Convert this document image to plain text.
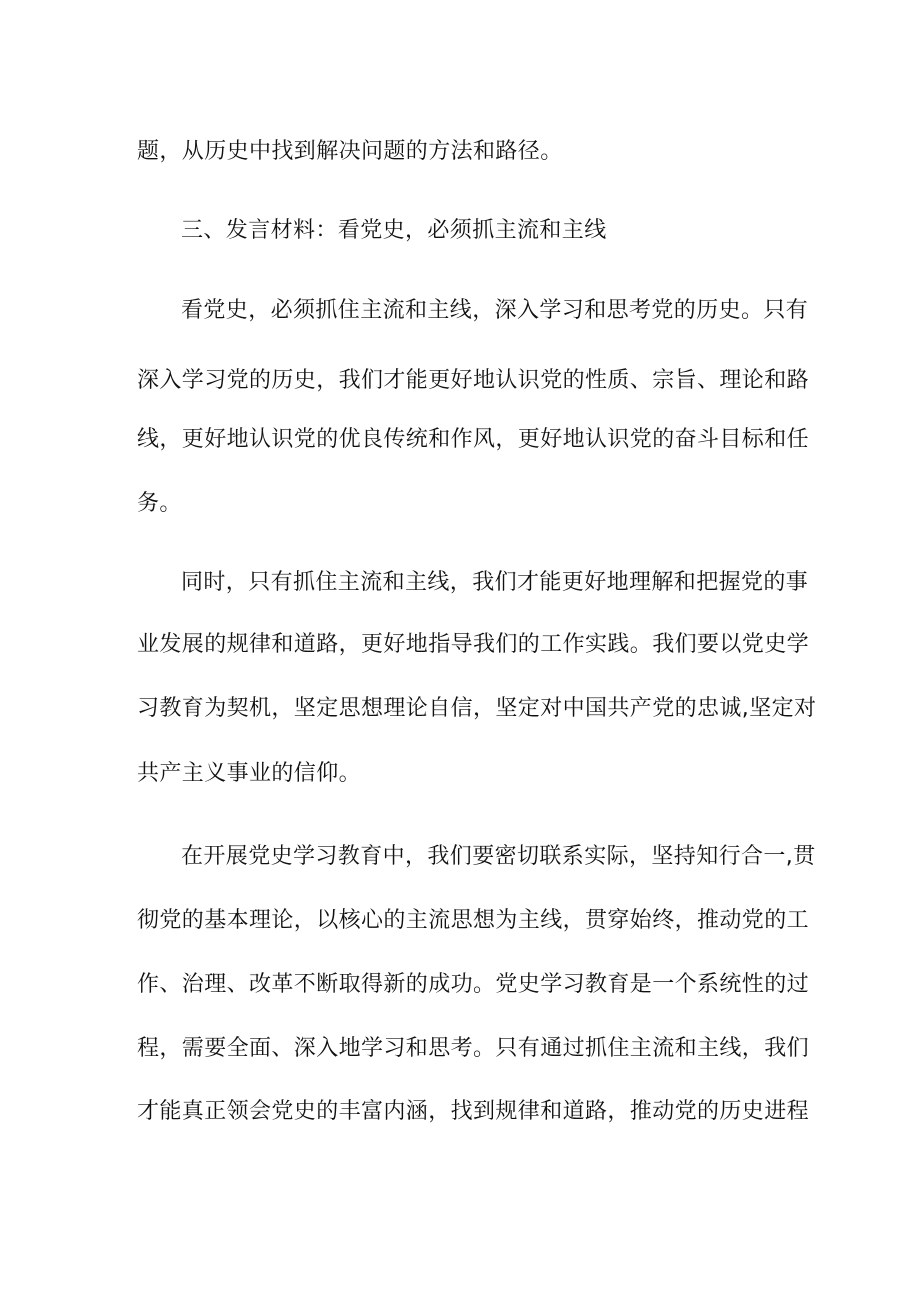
题，从历史中找到解决问题的方法和路径。
三、发言材料：看党史，必须抓主流和主线
看党史，必须抓住主流和主线，深入学习和思考党的历史。只有
深入学习党的历史，我们才能更好地认识党的性质、宗旨、理论和路
线，更好地认识党的优良传统和作风，更好地认识党的奋斗目标和任
务。
同时，只有抓住主流和主线，我们才能更好地理解和把握党的事
业发展的规律和道路，更好地指导我们的工作实践。我们要以党史学
习教育为契机，坚定思想理论自信，坚定对中国共产党的忠诚,坚定对
共产主义事业的信仰。
在开展党史学习教育中，我们要密切联系实际，坚持知行合一,贯
彻党的基本理论，以核心的主流思想为主线，贯穿始终，推动党的工
作、治理、改革不断取得新的成功。党史学习教育是一个系统性的过
程，需要全面、深入地学习和思考。只有通过抓住主流和主线，我们
才能真正领会党史的丰富内涵，找到规律和道路，推动党的历史进程
